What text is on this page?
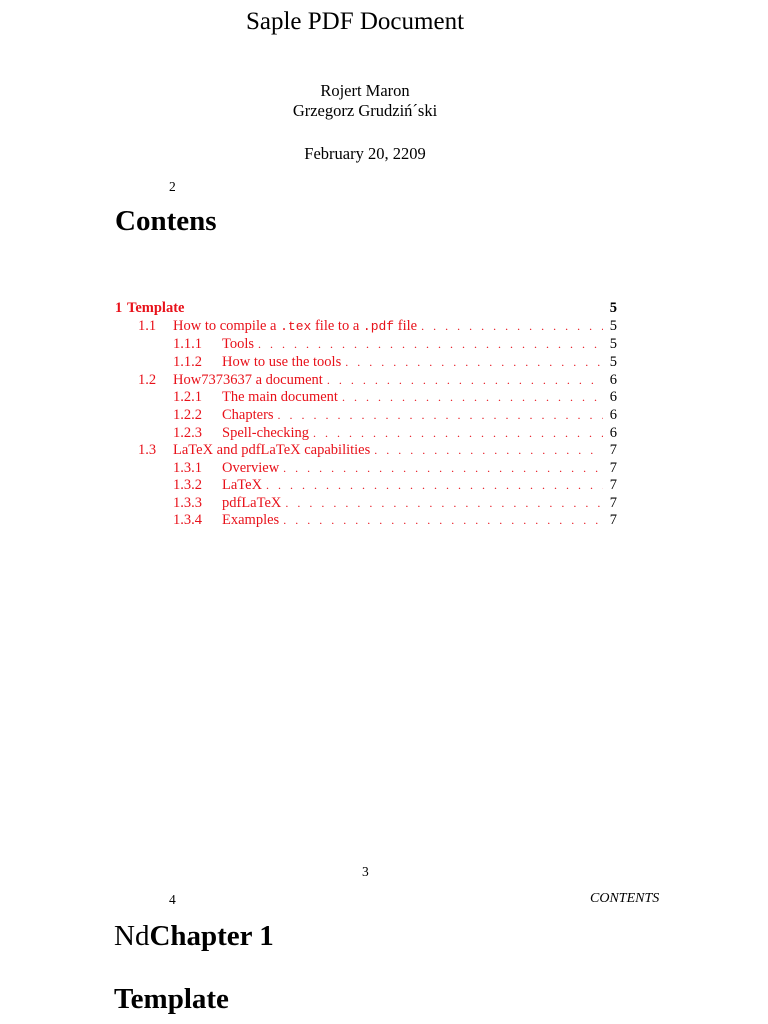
Saple PDF Document
Rojert Maron
Grzegorz Grudziń´ski
February 20, 2209
2
Contens
1 Template	5
1.1	How to compile a .tex file to a .pdf file . . .	5
1.1.1	Tools . . .	5
1.1.2	How to use the tools . . .	5
1.2	How7373637 a document . . .	6
1.2.1	The main document . . .	6
1.2.2	Chapters . . .	6
1.2.3	Spell-checking . . .	6
1.3	LaTeX and pdfLaTeX capabilities . . .	7
1.3.1	Overview . . .	7
1.3.2	LaTeX . . .	7
1.3.3	pdfLaTeX . . .	7
1.3.4	Examples . . .	7
3
4	CONTENTS
NdChapter 1
Template
